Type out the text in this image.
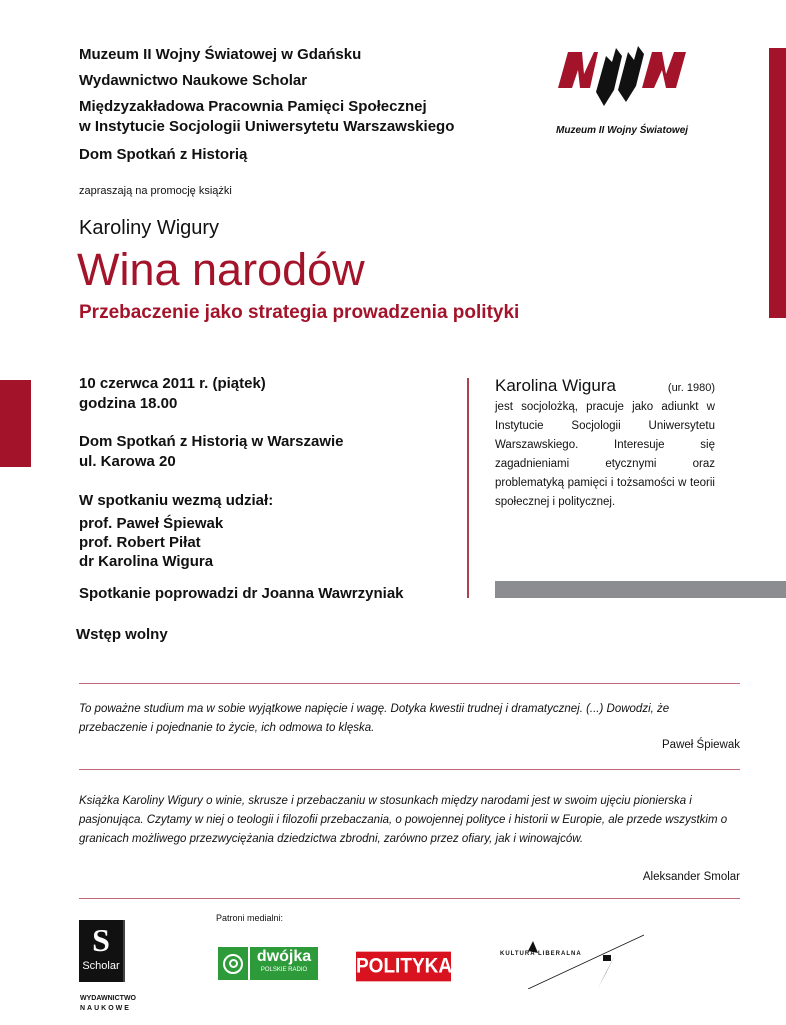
Muzeum II Wojny Światowej w Gdańsku
Wydawnictwo Naukowe Scholar
Międzyzakładowa Pracownia Pamięci Społecznej
w Instytucie Socjologii Uniwersytetu Warszawskiego
Dom Spotkań z Historią
Muzeum II Wojny Światowej
zapraszają na promocję książki
Karoliny Wigury
Wina narodów
Przebaczenie jako strategia prowadzenia polityki
10 czerwca 2011 r. (piątek)
godzina 18.00
Dom Spotkań z Historią w Warszawie
ul. Karowa 20
W spotkaniu wezmą udział:
prof. Paweł Śpiewak
prof. Robert Piłat
dr Karolina Wigura
Spotkanie poprowadzi dr Joanna Wawrzyniak
Wstęp wolny
Karolina Wigura	(ur. 1980)

jest socjolożką, pracuje jako adiunkt w Instytucie Socjologii Uniwersytetu Warszawskiego. Interesuje się zagadnieniami etycznymi oraz problematyką pamięci i tożsamości w teorii społecznej i politycznej.
To poważne studium ma w sobie wyjątkowe napięcie i wagę. Dotyka kwestii trudnej i dramatycznej. (...) Dowodzi, że przebaczenie i pojednanie to życie, ich odmowa to klęska.
Paweł Śpiewak
Książka Karoliny Wigury o winie, skrusze i przebaczaniu w stosunkach między narodami jest w swoim ujęciu pionierska i pasjonująca. Czytamy w niej o teologii i filozofii przebaczania, o powojennej polityce i historii w Europie, ale przede wszystkim o granicach możliwego przezwyciężania dziedzictwa zbrodni, zarówno przez ofiary, jak i winowajców.
Aleksander Smolar
S
Scholar
WYDAWNICTWO
NAUKOWE
Patroni medialni:
dwójka
POLSKIE RADIO	POLITYKA
KULTURA LIBERALNA
